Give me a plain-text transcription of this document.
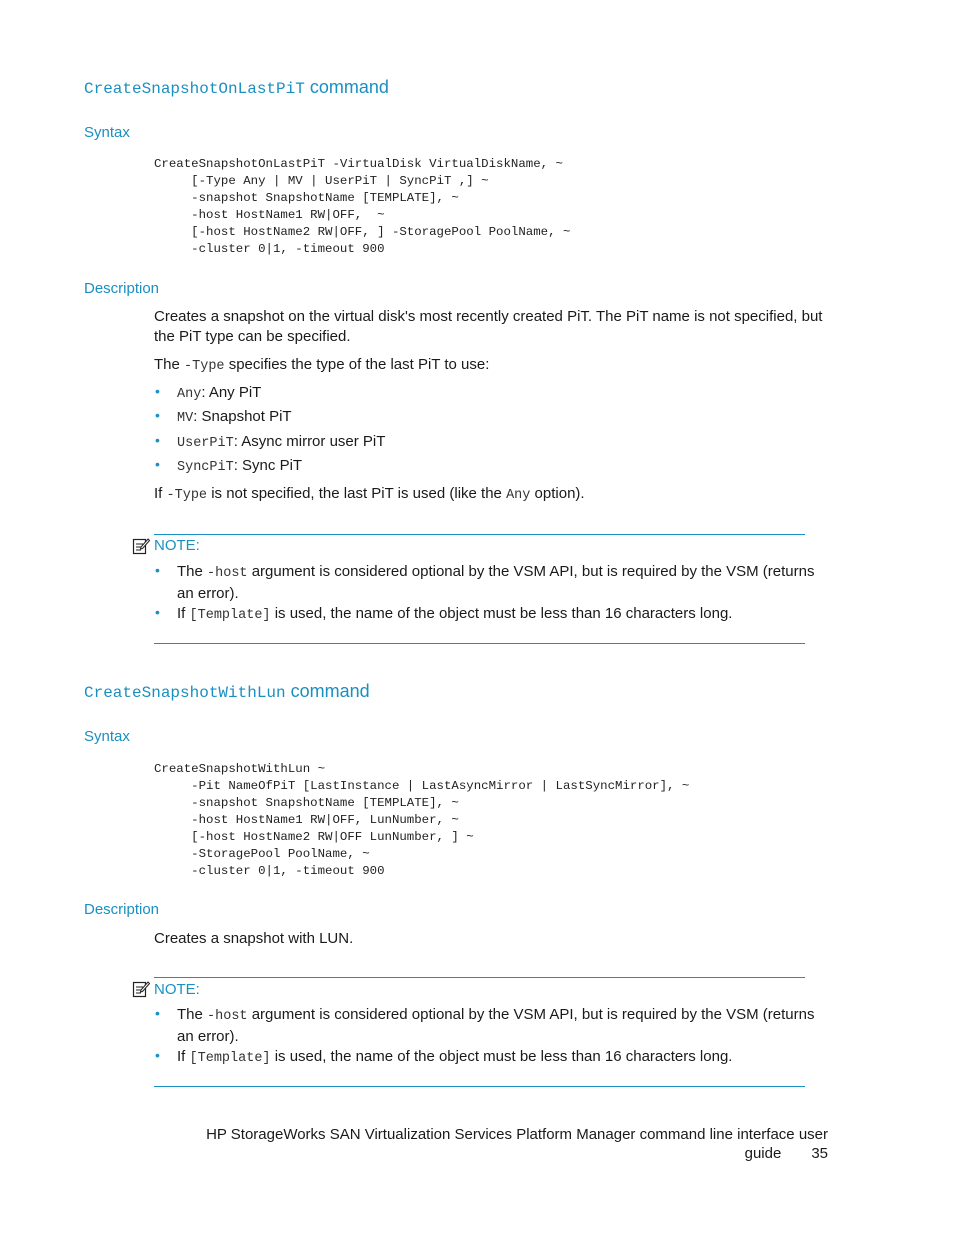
CreateSnapshotOnLastPiT command
Syntax
CreateSnapshotOnLastPiT -VirtualDisk VirtualDiskName, ~
[-Type Any | MV | UserPiT | SyncPiT ,] ~
-snapshot SnapshotName [TEMPLATE], ~
-host HostName1 RW|OFF,  ~
[-host HostName2 RW|OFF, ] -StoragePool PoolName, ~
-cluster 0|1, -timeout 900
Description
Creates a snapshot on the virtual disk's most recently created PiT. The PiT name is not specified, but
the PiT type can be specified.
The -Type specifies the type of the last PiT to use:
• Any: Any PiT
• MV: Snapshot PiT
• UserPiT: Async mirror user PiT
• SyncPiT: Sync PiT
If -Type is not specified, the last PiT is used (like the Any option).
NOTE:
• The -host argument is considered optional by the VSM API, but is required by the VSM (returns
an error).
• If [Template] is used, the name of the object must be less than 16 characters long.
CreateSnapshotWithLun command
Syntax
CreateSnapshotWithLun ~
-Pit NameOfPiT [LastInstance | LastAsyncMirror | LastSyncMirror], ~
-snapshot SnapshotName [TEMPLATE], ~
-host HostName1 RW|OFF, LunNumber, ~
[-host HostName2 RW|OFF LunNumber, ] ~
-StoragePool PoolName, ~
-cluster 0|1, -timeout 900
Description
Creates a snapshot with LUN.
NOTE:
• The -host argument is considered optional by the VSM API, but is required by the VSM (returns
an error).
• If [Template] is used, the name of the object must be less than 16 characters long.
HP StorageWorks SAN Virtualization Services Platform Manager command line interface user
guide 35
